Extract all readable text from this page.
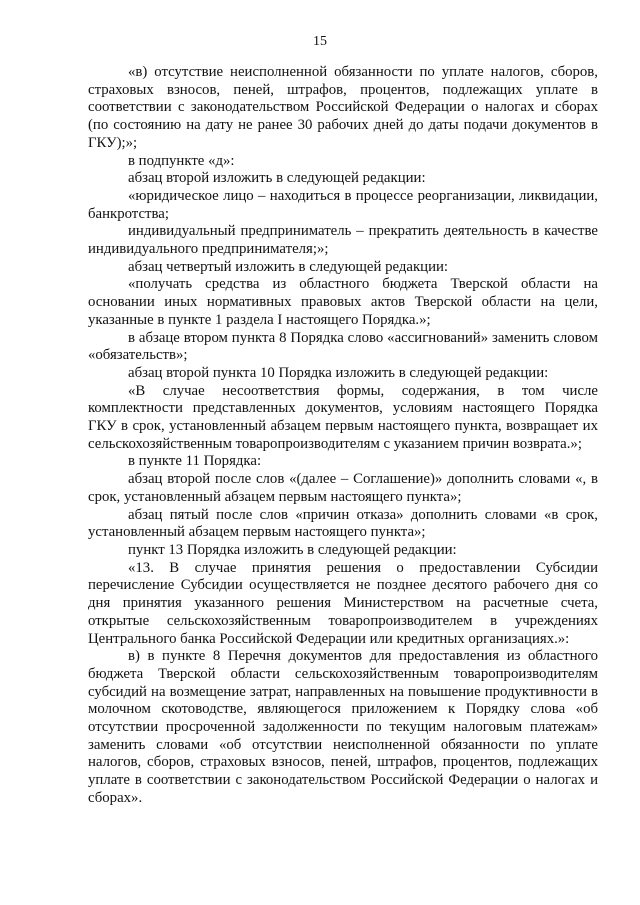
15

«в) отсутствие неисполненной обязанности по уплате налогов, сборов, страховых взносов, пеней, штрафов, процентов, подлежащих уплате в соответствии с законодательством Российской Федерации о налогах и сборах (по состоянию на дату не ранее 30 рабочих дней до даты подачи документов в ГКУ);»;

в подпункте «д»:

абзац второй изложить в следующей редакции:

«юридическое лицо – находиться в процессе реорганизации, ликвидации, банкротства;

индивидуальный предприниматель – прекратить деятельность в качестве индивидуального предпринимателя;»;

абзац четвертый изложить в следующей редакции:

«получать средства из областного бюджета Тверской области на основании иных нормативных правовых актов Тверской области на цели, указанные в пункте 1 раздела I настоящего Порядка.»;

в абзаце втором пункта 8 Порядка слово «ассигнований» заменить словом «обязательств»;

абзац второй пункта 10 Порядка изложить в следующей редакции:

«В случае несоответствия формы, содержания, в том числе комплектности представленных документов, условиям настоящего Порядка ГКУ в срок, установленный абзацем первым настоящего пункта, возвращает их сельскохозяйственным товаропроизводителям с указанием причин возврата.»;

в пункте 11 Порядка:

абзац второй после слов «(далее – Соглашение)» дополнить словами «, в срок, установленный абзацем первым настоящего пункта»;

абзац пятый после слов «причин отказа» дополнить словами «в срок, установленный абзацем первым настоящего пункта»;

пункт 13 Порядка изложить в следующей редакции:

«13. В случае принятия решения о предоставлении Субсидии перечисление Субсидии осуществляется не позднее десятого рабочего дня со дня принятия указанного решения Министерством на расчетные счета, открытые сельскохозяйственным товаропроизводителем в учреждениях Центрального банка Российской Федерации или кредитных организациях.»:

в) в пункте 8 Перечня документов для предоставления из областного бюджета Тверской области сельскохозяйственным товаропроизводителям субсидий на возмещение затрат, направленных на повышение продуктивности в молочном скотоводстве, являющегося приложением к Порядку слова «об отсутствии просроченной задолженности по текущим налоговым платежам» заменить словами «об отсутствии неисполненной обязанности по уплате налогов, сборов, страховых взносов, пеней, штрафов, процентов, подлежащих уплате в соответствии с законодательством Российской Федерации о налогах и сборах».
